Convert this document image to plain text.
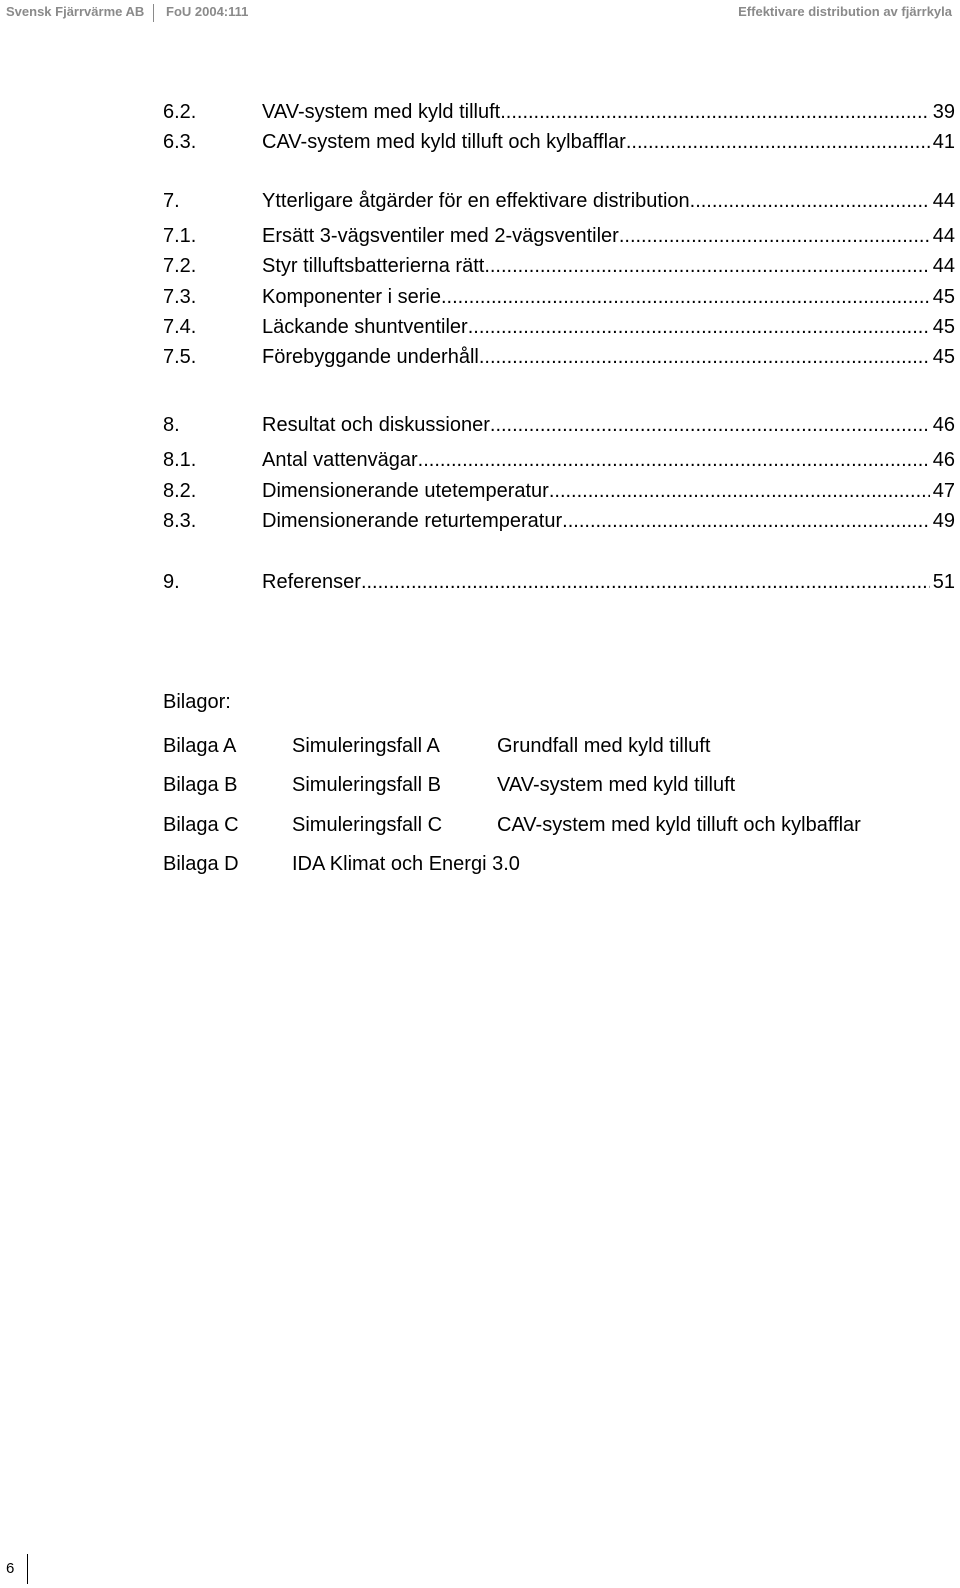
Svensk Fjärrvärme AB FoU 2004:111	Effektivare distribution av fjärrkyla
6.2.	VAV-system med kyld tilluft .....	39
6.3.	CAV-system med kyld tilluft och kylbafflar .....	41
7.	Ytterligare åtgärder för en effektivare distribution .....	44
7.1.	Ersätt 3-vägsventiler med 2-vägsventiler .....	44
7.2.	Styr tilluftsbatterierna rätt .....	44
7.3.	Komponenter i serie .....	45
7.4.	Läckande shuntventiler .....	45
7.5.	Förebyggande underhåll .....	45
8.	Resultat och diskussioner .....	46
8.1.	Antal vattenvägar .....	46
8.2.	Dimensionerande utetemperatur .....	47
8.3.	Dimensionerande returtemperatur .....	49
9.	Referenser .....	51
Bilagor:
Bilaga A	Simuleringsfall A	Grundfall med kyld tilluft
Bilaga B	Simuleringsfall B	VAV-system med kyld tilluft
Bilaga C	Simuleringsfall C	CAV-system med kyld tilluft och kylbafflar
Bilaga D	IDA Klimat och Energi 3.0
6
